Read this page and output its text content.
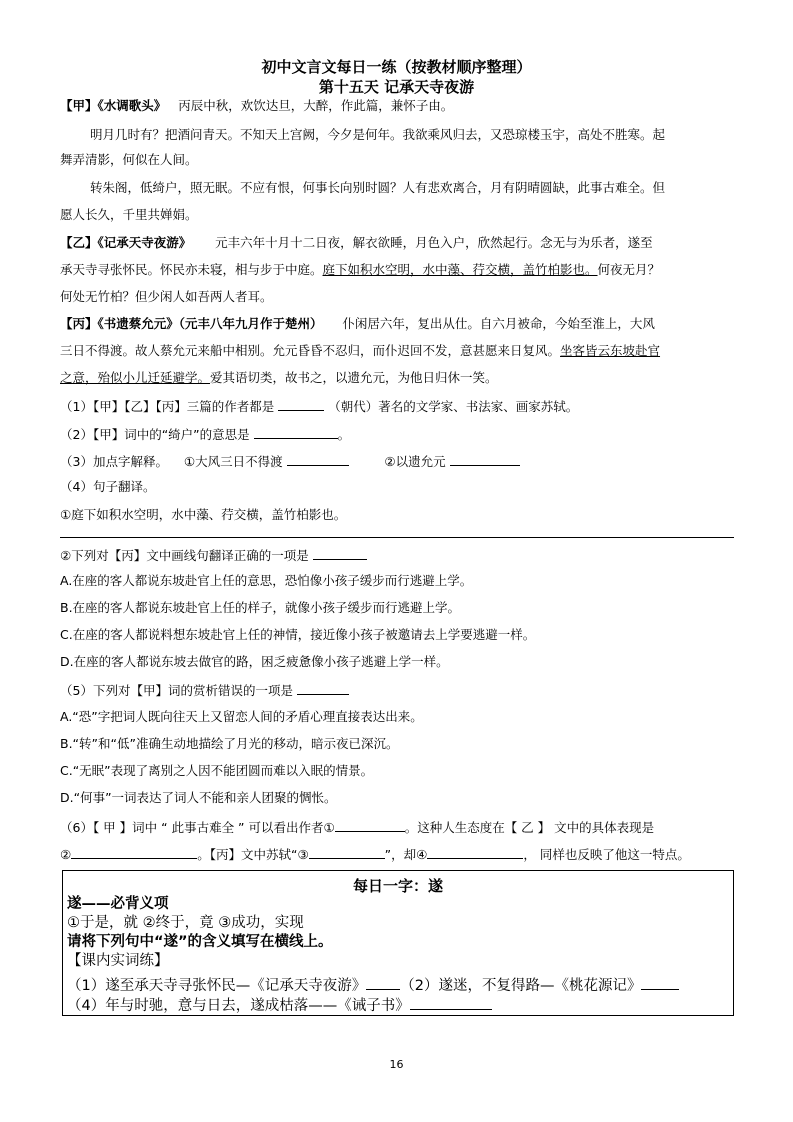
初中文言文每日一练（按教材顺序整理）
第十五天 记承天寺夜游
【甲】《水调歌头》 丙辰中秋，欢饮达旦，大醉，作此篇，兼怀子由。
明月几时有？把酒问青天。不知天上宫阙，今夕是何年。我欲乘风归去，又恐琼楼玉宇，高处不胜寒。起
舞弄清影，何似在人间。
转朱阁，低绮户，照无眠。不应有恨，何事长向别时圆？人有悲欢离合，月有阴晴圆缺，此事古难全。但
愿人长久，千里共婵娟。
【乙】《记承天寺夜游》 元丰六年十月十二日夜，解衣欲睡，月色入户，欣然起行。念无与为乐者，遂至
承天寺寻张怀民。怀民亦未寝，相与步于中庭。庭下如积水空明，水中藻、荇交横，盖竹柏影也。何夜无月？
何处无竹柏？但少闲人如吾两人者耳。
【丙】《书遗蔡允元》（元丰八年九月作于楚州） 仆闲居六年，复出从仕。自六月被命，今始至淮上，大风
三日不得渡。故人蔡允元来船中相别。允元昏昏不忍归，而仆迟回不发，意甚愿来日复风。坐客皆云东坡赴官
之意，殆似小儿迁延避学。爱其语切类，故书之，以遗允元，为他日归休一笑。
（1）【甲】【乙】【丙】三篇的作者都是	（朝代）著名的文学家、书法家、画家苏轼。
（2）【甲】词中的“绮户”的意思是	。
（3）加点字解释。 ①大风三日不得渡	②以遗允元
（4）句子翻译。
①庭下如积水空明，水中藻、荇交横，盖竹柏影也。
②下列对【丙】文中画线句翻译正确的一项是
A.在座的客人都说东坡赴官上任的意思，恐怕像小孩子缓步而行逃避上学。
B.在座的客人都说东坡赴官上任的样子，就像小孩子缓步而行逃避上学。
C.在座的客人都说料想东坡赴官上任的神情，接近像小孩子被邀请去上学要逃避一样。
D.在座的客人都说东坡去做官的路，困乏疲惫像小孩子逃避上学一样。
（5）下列对【甲】词的赏析错误的一项是
A.“恐”字把词人既向往天上又留恋人间的矛盾心理直接表达出来。
B.“转”和“低”准确生动地描绘了月光的移动，暗示夜已深沉。
C.“无眠”表现了离别之人因不能团圆而难以入眠的情景。
D.“何事”一词表达了词人不能和亲人团聚的惆怅。
（6）【 甲 】词中 “ 此事古难全 ” 可以看出作者①	。这种人生态度在【 乙 】 文中的具体表现是
②	。【丙】文中苏轼“③	”，却④	， 同样也反映了他这一特点。
每日一字：遂
遂——必背义项
①于是，就 ②终于，竟 ③成功，实现
请将下列句中“遂”的含义填写在横线上。
【课内实词练】
（1）遂至承天寺寻张怀民—《记承天寺夜游》 （2）遂迷，不复得路—《桃花源记》
（4）年与时驰，意与日去，遂成枯落——《诫子书》
16
